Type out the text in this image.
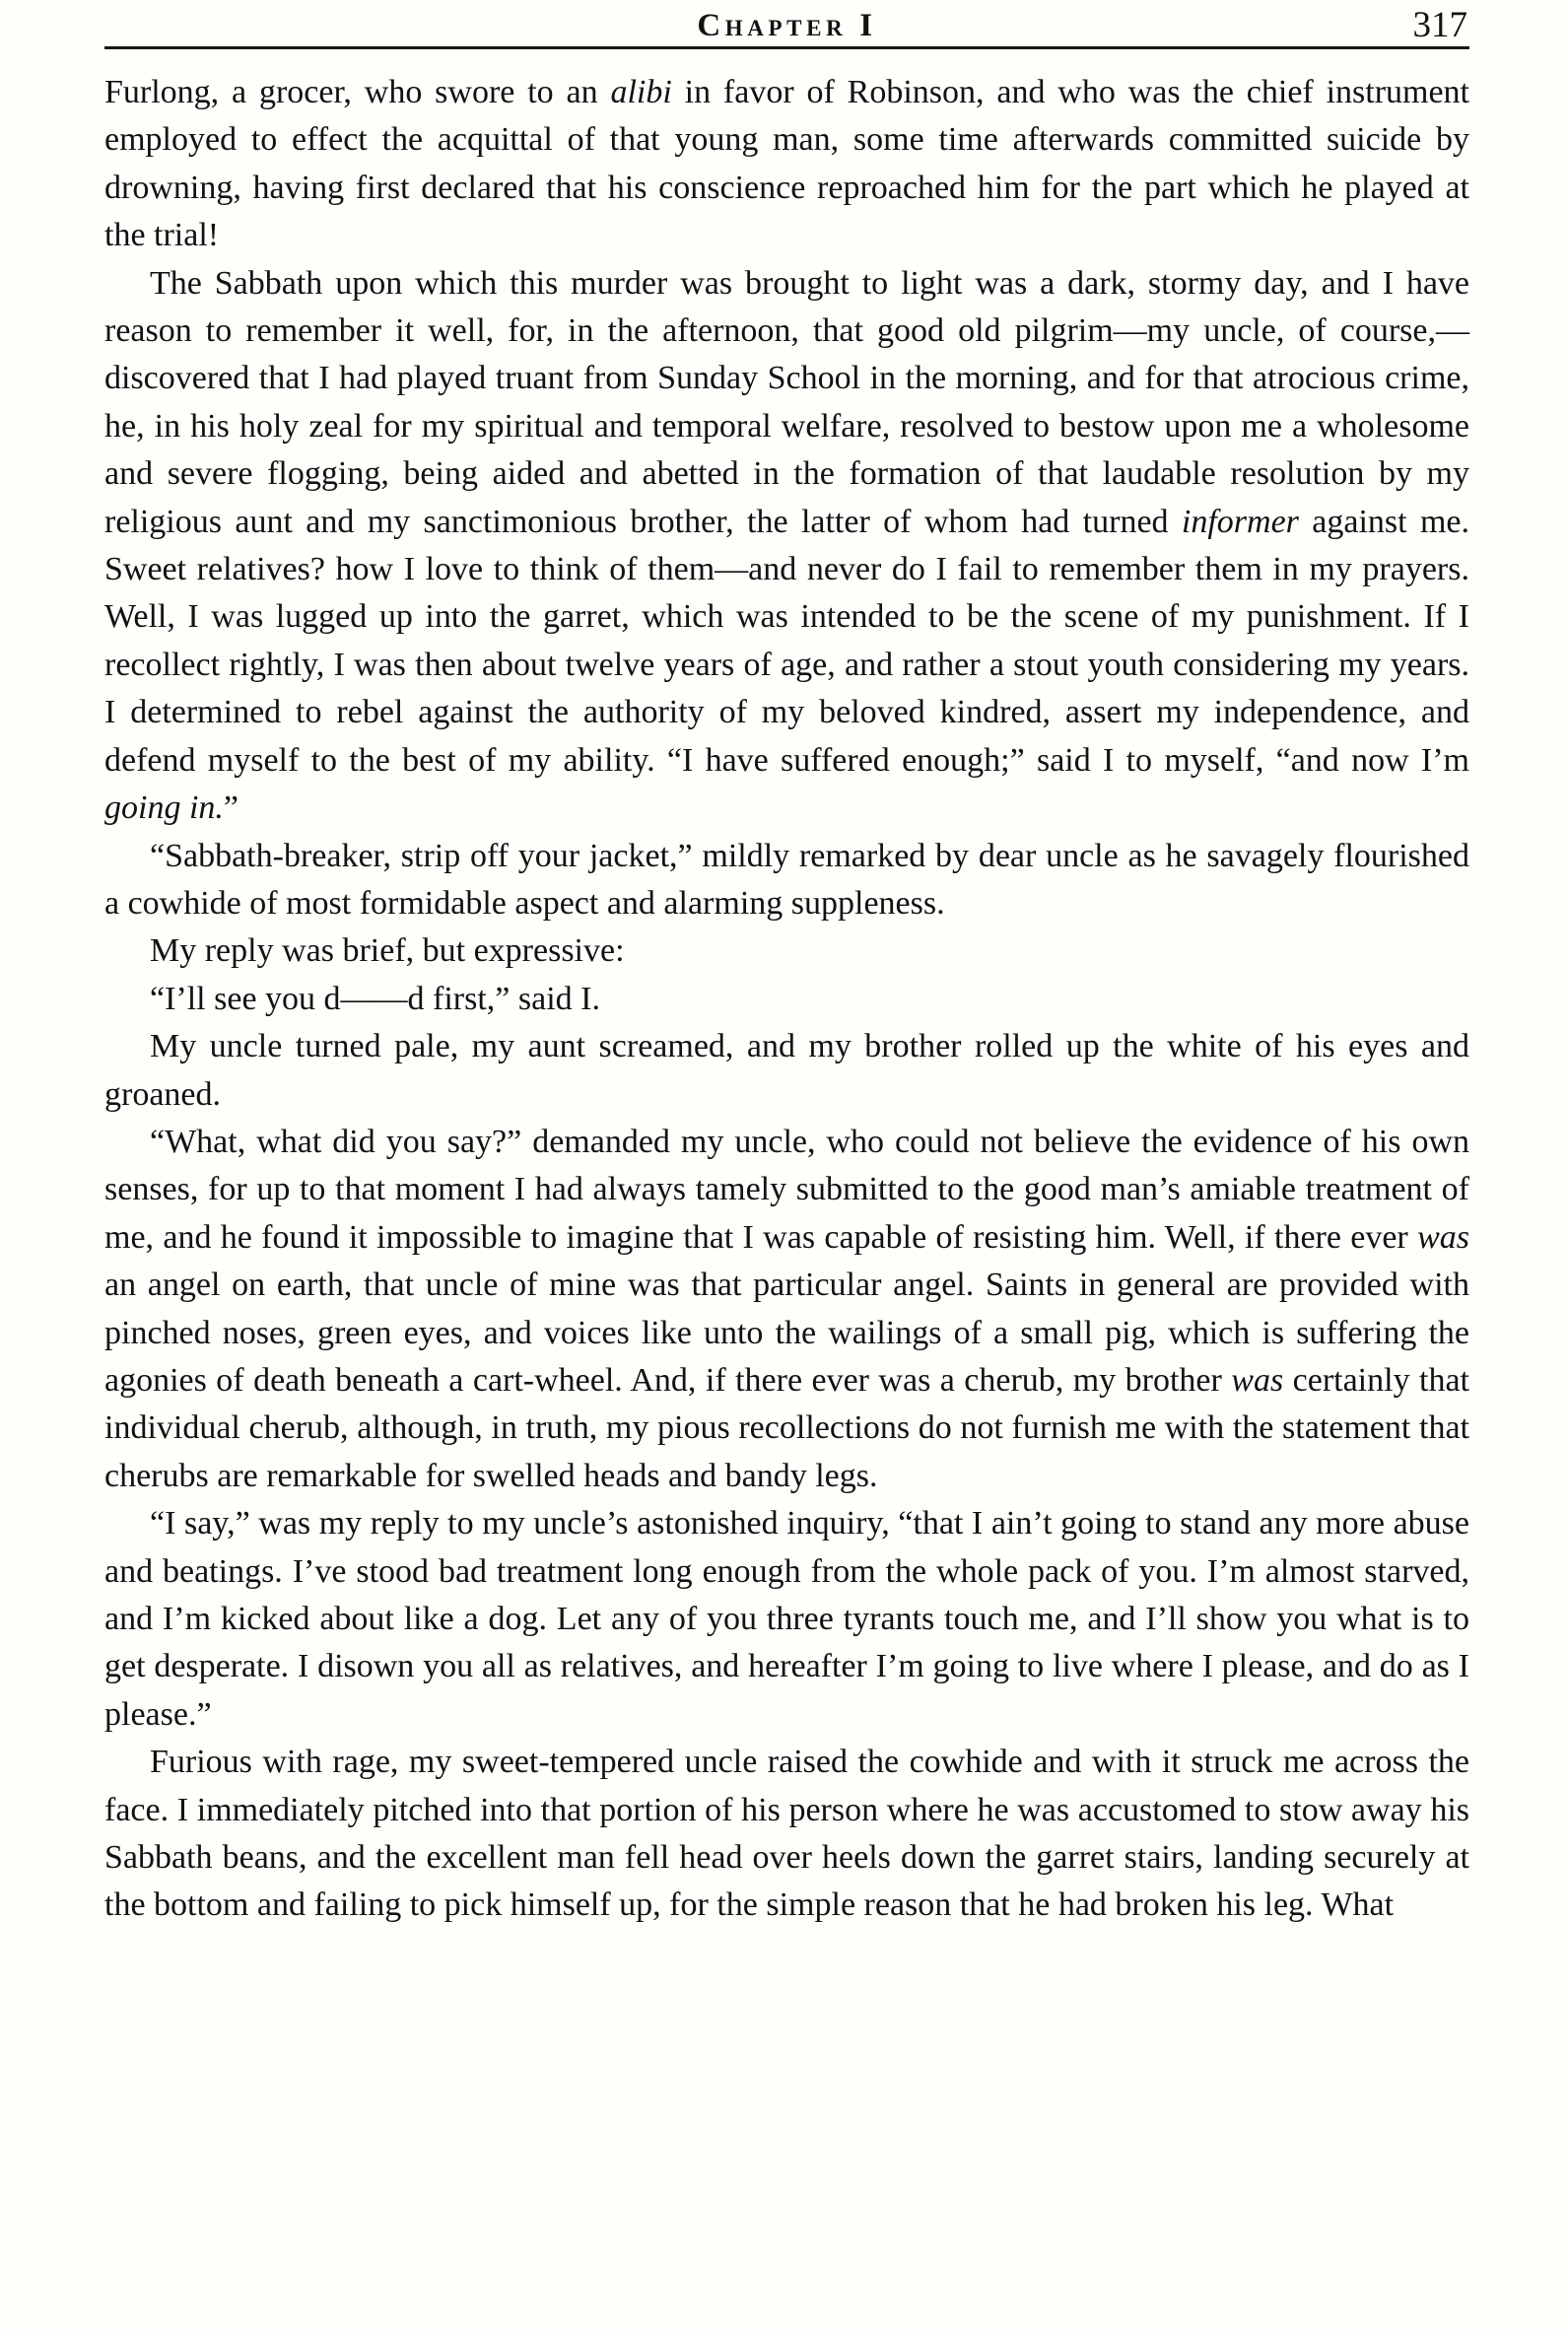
Chapter I	317

Furlong, a grocer, who swore to an alibi in favor of Robinson, and who was the chief instrument employed to effect the acquittal of that young man, some time afterwards committed suicide by drowning, having first declared that his conscience reproached him for the part which he played at the trial!

The Sabbath upon which this murder was brought to light was a dark, stormy day, and I have reason to remember it well, for, in the afternoon, that good old pilgrim—my uncle, of course,—discovered that I had played truant from Sunday School in the morning, and for that atrocious crime, he, in his holy zeal for my spiritual and temporal welfare, resolved to bestow upon me a wholesome and severe flogging, being aided and abetted in the formation of that laudable resolution by my religious aunt and my sanctimonious brother, the latter of whom had turned informer against me. Sweet relatives? how I love to think of them—and never do I fail to remember them in my prayers. Well, I was lugged up into the garret, which was intended to be the scene of my punishment. If I recollect rightly, I was then about twelve years of age, and rather a stout youth considering my years. I determined to rebel against the authority of my beloved kindred, assert my independence, and defend myself to the best of my ability. “I have suffered enough;” said I to myself, “and now I’m going in.”

“Sabbath-breaker, strip off your jacket,” mildly remarked by dear uncle as he savagely flourished a cowhide of most formidable aspect and alarming suppleness.

My reply was brief, but expressive:

“I’ll see you d——d first,” said I.

My uncle turned pale, my aunt screamed, and my brother rolled up the white of his eyes and groaned.

“What, what did you say?” demanded my uncle, who could not believe the evidence of his own senses, for up to that moment I had always tamely submitted to the good man’s amiable treatment of me, and he found it impossible to imagine that I was capable of resisting him. Well, if there ever was an angel on earth, that uncle of mine was that particular angel. Saints in general are provided with pinched noses, green eyes, and voices like unto the wailings of a small pig, which is suffering the agonies of death beneath a cart-wheel. And, if there ever was a cherub, my brother was certainly that individual cherub, although, in truth, my pious recollections do not furnish me with the statement that cherubs are remarkable for swelled heads and bandy legs.

“I say,” was my reply to my uncle’s astonished inquiry, “that I ain’t going to stand any more abuse and beatings. I’ve stood bad treatment long enough from the whole pack of you. I’m almost starved, and I’m kicked about like a dog. Let any of you three tyrants touch me, and I’ll show you what is to get desperate. I disown you all as relatives, and hereafter I’m going to live where I please, and do as I please.”

Furious with rage, my sweet-tempered uncle raised the cowhide and with it struck me across the face. I immediately pitched into that portion of his person where he was accustomed to stow away his Sabbath beans, and the excellent man fell head over heels down the garret stairs, landing securely at the bottom and failing to pick himself up, for the simple reason that he had broken his leg. What
